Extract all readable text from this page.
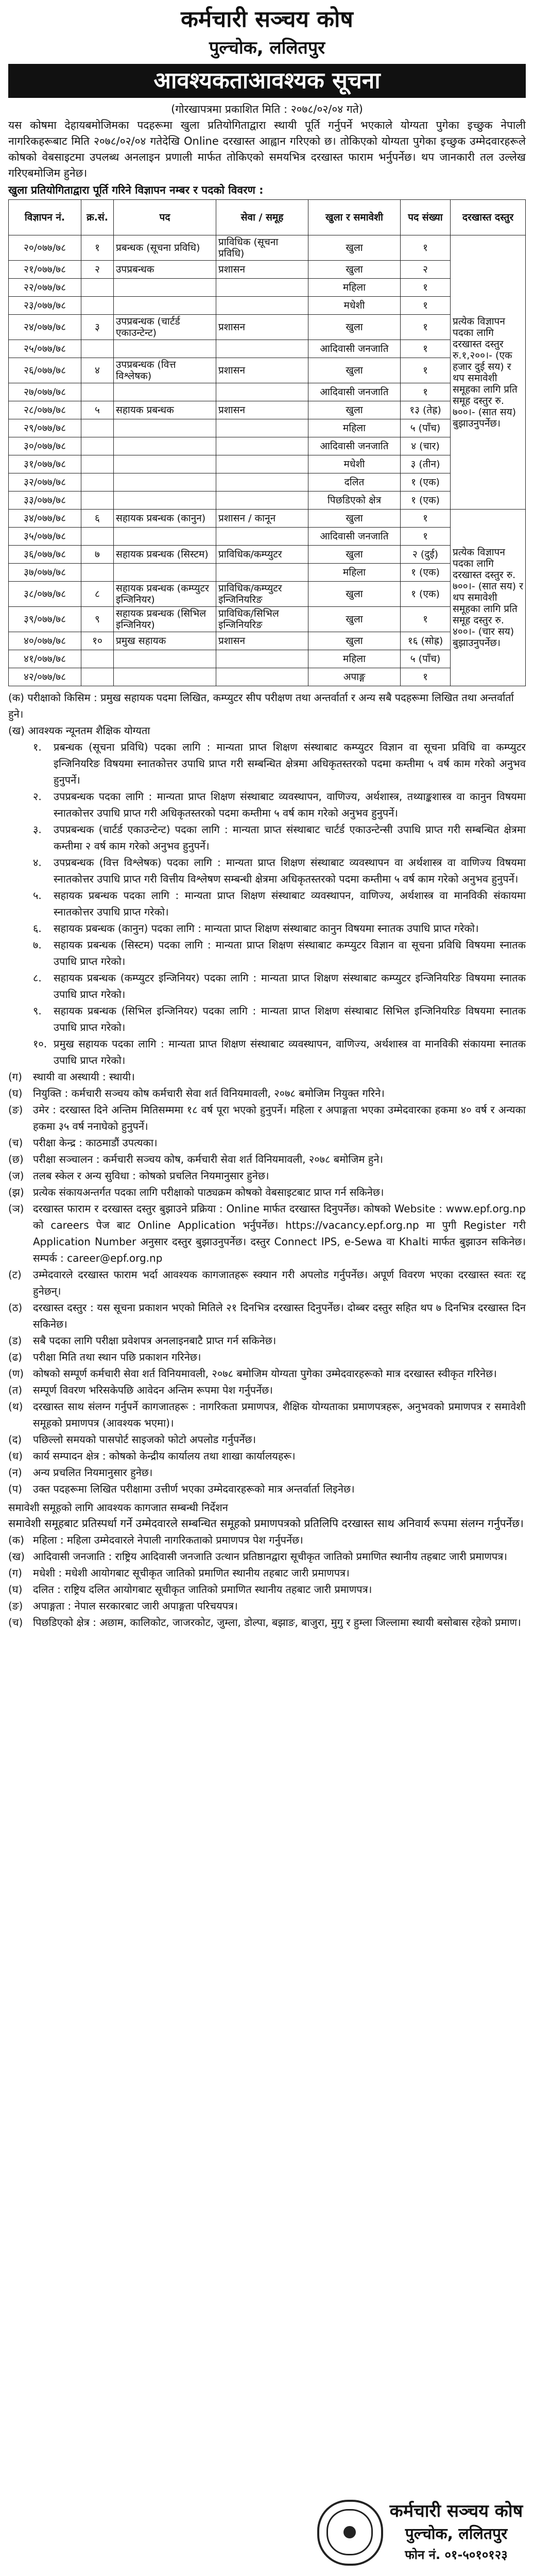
कर्मचारी सञ्चय कोष
पुल्चोक, ललितपुर
आवश्यकताआवश्यक सूचना
(गोरखापत्रमा प्रकाशित मिति : २०७८/०२/०४ गते)
यस कोषमा देहायबमोजिमका पदहरूमा खुला प्रतियोगिताद्वारा स्थायी पूर्ति गर्नुपर्ने भएकाले योग्यता पुगेका इच्छुक नेपाली नागरिकहरूबाट मिति २०७८/०२/०४ गतेदेखि Online दरखास्त आह्वान गरिएको छ। तोकिएको योग्यता पुगेका इच्छुक उम्मेदवारहरूले कोषको वेबसाइटमा उपलब्ध अनलाइन प्रणाली मार्फत तोकिएको समयभित्र दरखास्त फाराम भर्नुपर्नेछ। थप जानकारी तल उल्लेख गरिएबमोजिम हुनेछ।
खुला प्रतियोगिताद्वारा पूर्ति गरिने विज्ञापन नम्बर र पदको विवरण :
विज्ञापन नं.	क्र.सं.	पद	सेवा / समूह	खुला र समावेशी	पद संख्या	दरखास्त दस्तुर
२०/०७७/७८	१	प्रबन्धक (सूचना प्रविधि)	प्राविधिक (सूचना प्रविधि)	खुला	१	प्रत्येक विज्ञापन पदका लागि दरखास्त दस्तुर रु.१,२००।- (एक हजार दुई सय) र थप समावेशी समूहका लागि प्रति समूह दस्तुर रु. ७००।- (सात सय) बुझाउनुपर्नेछ।
२१/०७७/७८	२	उपप्रबन्धक	प्रशासन	खुला	२	
२२/०७७/७८				महिला	१	
२३/०७७/७८				मधेशी	१	
२४/०७७/७८	३	उपप्रबन्धक (चार्टर्ड एकाउन्टेन्ट)	प्रशासन	खुला	१	
२५/०७७/७८				आदिवासी जनजाति	१	
२६/०७७/७८	४	उपप्रबन्धक (वित्त विश्लेषक)	प्रशासन	खुला	१	
२७/०७७/७८				आदिवासी जनजाति	१	
२८/०७७/७८	५	सहायक प्रबन्धक	प्रशासन	खुला	१३ (तेह्र)	
२९/०७७/७८				महिला	५ (पाँच)	
३०/०७७/७८				आदिवासी जनजाति	४ (चार)	
३१/०७७/७८				मधेशी	३ (तीन)	
३२/०७७/७८				दलित	१ (एक)	
३३/०७७/७८				पिछडिएको क्षेत्र	१ (एक)	
३४/०७७/७८	६	सहायक प्रबन्धक (कानुन)	प्रशासन / कानून	खुला	१	प्रत्येक विज्ञापन पदका लागि दरखास्त दस्तुर रु. ७००।- (सात सय) र थप समावेशी समूहका लागि प्रति समूह दस्तुर रु. ४००।- (चार सय) बुझाउनुपर्नेछ।
३५/०७७/७८				आदिवासी जनजाति	१	
३६/०७७/७८	७	सहायक प्रबन्धक (सिस्टम)	प्राविधिक/कम्प्युटर	खुला	२ (दुई)	
३७/०७७/७८				महिला	१ (एक)	
३८/०७७/७८	८	सहायक प्रबन्धक (कम्प्युटर इन्जिनियर)	प्राविधिक/कम्प्युटर इन्जिनियरिङ	खुला	१ (एक)	
३९/०७७/७८	९	सहायक प्रबन्धक (सिभिल इन्जिनियर)	प्राविधिक/सिभिल इन्जिनियरिङ	खुला	१	
४०/०७७/७८	१०	प्रमुख सहायक	प्रशासन	खुला	१६ (सोह्र)	
४१/०७७/७८				महिला	५ (पाँच)	
४२/०७७/७८				अपाङ्ग	१	
(क) परीक्षाको किसिम : प्रमुख सहायक पदमा लिखित, कम्प्युटर सीप परीक्षण तथा अन्तर्वार्ता र अन्य सबै पदहरूमा लिखित तथा अन्तर्वार्ता हुने।
(ख) आवश्यक न्यूनतम शैक्षिक योग्यता
१.	प्रबन्धक (सूचना प्रविधि) पदका लागि : मान्यता प्राप्त शिक्षण संस्थाबाट कम्प्युटर विज्ञान वा सूचना प्रविधि वा कम्प्युटर इन्जिनियरिङ विषयमा स्नातकोत्तर उपाधि प्राप्त गरी सम्बन्धित क्षेत्रमा अधिकृतस्तरको पदमा कम्तीमा ५ वर्ष काम गरेको अनुभव हुनुपर्ने।
२.	उपप्रबन्धक पदका लागि : मान्यता प्राप्त शिक्षण संस्थाबाट व्यवस्थापन, वाणिज्य, अर्थशास्त्र, तथ्याङ्कशास्त्र वा कानुन विषयमा स्नातकोत्तर उपाधि प्राप्त गरी अधिकृतस्तरको पदमा कम्तीमा ५ वर्ष काम गरेको अनुभव हुनुपर्ने।
३.	उपप्रबन्धक (चार्टर्ड एकाउन्टेन्ट) पदका लागि : मान्यता प्राप्त संस्थाबाट चार्टर्ड एकाउन्टेन्सी उपाधि प्राप्त गरी सम्बन्धित क्षेत्रमा कम्तीमा २ वर्ष काम गरेको अनुभव हुनुपर्ने।
४.	उपप्रबन्धक (वित्त विश्लेषक) पदका लागि : मान्यता प्राप्त शिक्षण संस्थाबाट व्यवस्थापन वा अर्थशास्त्र वा वाणिज्य विषयमा स्नातकोत्तर उपाधि प्राप्त गरी वित्तीय विश्लेषण सम्बन्धी क्षेत्रमा अधिकृतस्तरको पदमा कम्तीमा ५ वर्ष काम गरेको अनुभव हुनुपर्ने।
५.	सहायक प्रबन्धक पदका लागि : मान्यता प्राप्त शिक्षण संस्थाबाट व्यवस्थापन, वाणिज्य, अर्थशास्त्र वा मानविकी संकायमा स्नातकोत्तर उपाधि प्राप्त गरेको।
६.	सहायक प्रबन्धक (कानुन) पदका लागि : मान्यता प्राप्त शिक्षण संस्थाबाट कानुन विषयमा स्नातक उपाधि प्राप्त गरेको।
७.	सहायक प्रबन्धक (सिस्टम) पदका लागि : मान्यता प्राप्त शिक्षण संस्थाबाट कम्प्युटर विज्ञान वा सूचना प्रविधि विषयमा स्नातक उपाधि प्राप्त गरेको।
८.	सहायक प्रबन्धक (कम्प्युटर इन्जिनियर) पदका लागि : मान्यता प्राप्त शिक्षण संस्थाबाट कम्प्युटर इन्जिनियरिङ विषयमा स्नातक उपाधि प्राप्त गरेको।
९.	सहायक प्रबन्धक (सिभिल इन्जिनियर) पदका लागि : मान्यता प्राप्त शिक्षण संस्थाबाट सिभिल इन्जिनियरिङ विषयमा स्नातक उपाधि प्राप्त गरेको।
१०. प्रमुख सहायक पदका लागि : मान्यता प्राप्त शिक्षण संस्थाबाट व्यवस्थापन, वाणिज्य, अर्थशास्त्र वा मानविकी संकायमा स्नातक उपाधि प्राप्त गरेको।
(ग)	स्थायी वा अस्थायी : स्थायी।
(घ)	नियुक्ति : कर्मचारी सञ्चय कोष कर्मचारी सेवा शर्त विनियमावली, २०७८ बमोजिम नियुक्त गरिने।
(ङ) उमेर : दरखास्त दिने अन्तिम मितिसम्ममा १८ वर्ष पूरा भएको हुनुपर्ने। महिला र अपाङ्गता भएका उम्मेदवारका हकमा ४० वर्ष र अन्यका हकमा ३५ वर्ष ननाघेको हुनुपर्ने।
(च) परीक्षा केन्द्र : काठमाडौं उपत्यका।
(छ) परीक्षा सञ्चालन : कर्मचारी सञ्चय कोष, कर्मचारी सेवा शर्त विनियमावली, २०७८ बमोजिम हुने।
(ज) तलब स्केल र अन्य सुविधा : कोषको प्रचलित नियमानुसार हुनेछ।
(झ) प्रत्येक संकायअन्तर्गत पदका लागि परीक्षाको पाठ्यक्रम कोषको वेबसाइटबाट प्राप्त गर्न सकिनेछ।
(ञ) दरखास्त फाराम र दरखास्त दस्तुर बुझाउने प्रक्रिया : Online मार्फत दरखास्त दिनुपर्नेछ। कोषको Website : www.epf.org.np को careers पेज बाट Online Application भर्नुपर्नेछ। https://vacancy.epf.org.np मा पुगी Register गरी Application Number अनुसार दस्तुर बुझाउनुपर्नेछ। दस्तुर Connect IPS, e-Sewa वा Khalti मार्फत बुझाउन सकिनेछ। सम्पर्क : career@epf.org.np
(ट)	उम्मेदवारले दरखास्त फाराम भर्दा आवश्यक कागजातहरू स्क्यान गरी अपलोड गर्नुपर्नेछ। अपूर्ण विवरण भएका दरखास्त स्वतः रद्द हुनेछन्।
(ठ)	दरखास्त दस्तुर : यस सूचना प्रकाशन भएको मितिले २१ दिनभित्र दरखास्त दिनुपर्नेछ। दोब्बर दस्तुर सहित थप ७ दिनभित्र दरखास्त दिन सकिनेछ।
(ड)	सबै पदका लागि परीक्षा प्रवेशपत्र अनलाइनबाटै प्राप्त गर्न सकिनेछ।
(ढ)	परीक्षा मिति तथा स्थान पछि प्रकाशन गरिनेछ।
(ण) कोषको सम्पूर्ण कर्मचारी सेवा शर्त विनियमावली, २०७८ बमोजिम योग्यता पुगेका उम्मेदवारहरूको मात्र दरखास्त स्वीकृत गरिनेछ।
(त)	सम्पूर्ण विवरण भरिसकेपछि आवेदन अन्तिम रूपमा पेश गर्नुपर्नेछ।
(थ) दरखास्त साथ संलग्न गर्नुपर्ने कागजातहरू : नागरिकता प्रमाणपत्र, शैक्षिक योग्यताका प्रमाणपत्रहरू, अनुभवको प्रमाणपत्र र समावेशी समूहको प्रमाणपत्र (आवश्यक भएमा)।
(द)	पछिल्लो समयको पासपोर्ट साइजको फोटो अपलोड गर्नुपर्नेछ।
(ध)	कार्य सम्पादन क्षेत्र : कोषको केन्द्रीय कार्यालय तथा शाखा कार्यालयहरू।
(न)	अन्य प्रचलित नियमानुसार हुनेछ।
(प)	उक्त पदहरूमा लिखित परीक्षामा उत्तीर्ण भएका उम्मेदवारहरूको मात्र अन्तर्वार्ता लिइनेछ।
समावेशी समूहको लागि आवश्यक कागजात सम्बन्धी निर्देशन
समावेशी समूहबाट प्रतिस्पर्धा गर्ने उम्मेदवारले सम्बन्धित समूहको प्रमाणपत्रको प्रतिलिपि दरखास्त साथ अनिवार्य रूपमा संलग्न गर्नुपर्नेछ।
(क) महिला : महिला उम्मेदवारले नेपाली नागरिकताको प्रमाणपत्र पेश गर्नुपर्नेछ।
(ख) आदिवासी जनजाति : राष्ट्रिय आदिवासी जनजाति उत्थान प्रतिष्ठानद्वारा सूचीकृत जातिको प्रमाणित स्थानीय तहबाट जारी प्रमाणपत्र।
(ग)	मधेशी : मधेशी आयोगबाट सूचीकृत जातिको प्रमाणित स्थानीय तहबाट जारी प्रमाणपत्र।
(घ)	दलित : राष्ट्रिय दलित आयोगबाट सूचीकृत जातिको प्रमाणित स्थानीय तहबाट जारी प्रमाणपत्र।
(ङ) अपाङ्गता : नेपाल सरकारबाट जारी अपाङ्गता परिचयपत्र।
(च) पिछडिएको क्षेत्र : अछाम, कालिकोट, जाजरकोट, जुम्ला, डोल्पा, बझाङ, बाजुरा, मुगु र हुम्ला जिल्लामा स्थायी बसोबास रहेको प्रमाण।
कर्मचारी सञ्चय कोष
पुल्चोक, ललितपुर
फोन नं. ०१-५०१०१२३
